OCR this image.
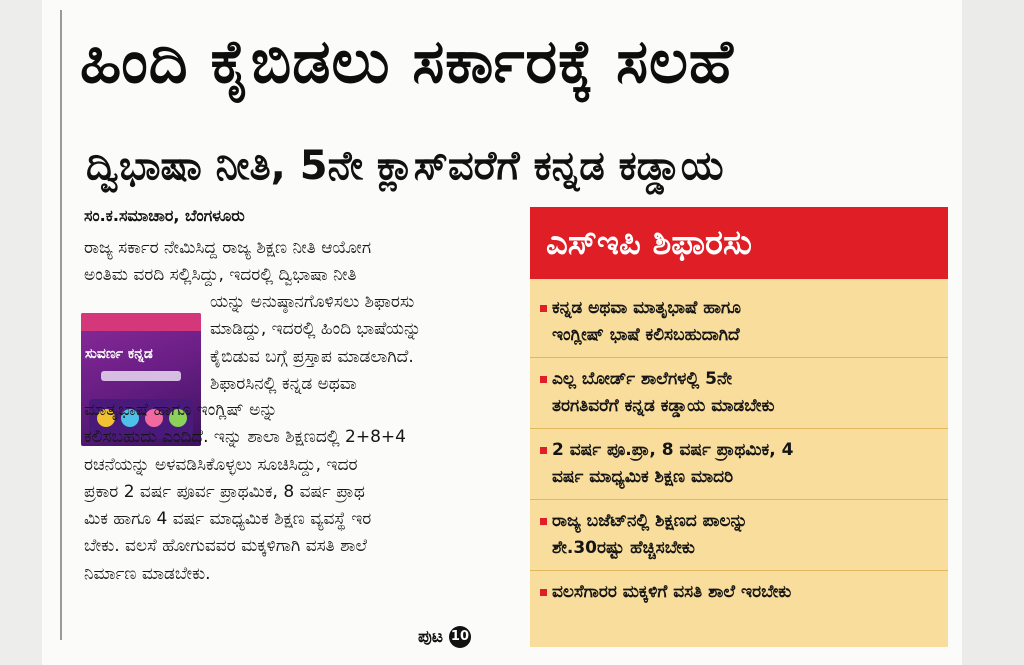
ಹಿಂದಿ ಕೈಬಿಡಲು ಸರ್ಕಾರಕ್ಕೆ ಸಲಹೆ
ದ್ವಿಭಾಷಾ ನೀತಿ, 5ನೇ ಕ್ಲಾಸ್‌ವರೆಗೆ ಕನ್ನಡ ಕಡ್ಡಾಯ
ಸಂ.ಕ.ಸಮಾಚಾರ, ಬೆಂಗಳೂರು
ರಾಜ್ಯ ಸರ್ಕಾರ ನೇಮಿಸಿದ್ದ ರಾಜ್ಯ ಶಿಕ್ಷಣ ನೀತಿ ಆಯೋಗ
ಅಂತಿಮ ವರದಿ ಸಲ್ಲಿಸಿದ್ದು, ಇದರಲ್ಲಿ ದ್ವಿಭಾಷಾ ನೀತಿ
ಸುವರ್ಣ ಕನ್ನಡ
ಯನ್ನು ಅನುಷ್ಠಾನಗೊಳಿಸಲು ಶಿಫಾರಸು
ಮಾಡಿದ್ದು, ಇದರಲ್ಲಿ ಹಿಂದಿ ಭಾಷೆಯನ್ನು
ಕೈಬಿಡುವ ಬಗ್ಗೆ ಪ್ರಸ್ತಾಪ ಮಾಡಲಾಗಿದೆ.
ಶಿಫಾರಸಿನಲ್ಲಿ ಕನ್ನಡ ಅಥವಾ
ಮಾತೃಭಾಷೆ ಹಾಗೂ ಇಂಗ್ಲಿಷ್ ಅನ್ನು
ಕಲಿಸಬಹುದು ಎಂದಿದೆ. ಇನ್ನು ಶಾಲಾ ಶಿಕ್ಷಣದಲ್ಲಿ 2+8+4
ರಚನೆಯನ್ನು ಅಳವಡಿಸಿಕೊಳ್ಳಲು ಸೂಚಿಸಿದ್ದು, ಇದರ
ಪ್ರಕಾರ 2 ವರ್ಷ ಪೂರ್ವ ಪ್ರಾಥಮಿಕ, 8 ವರ್ಷ ಪ್ರಾಥ
ಮಿಕ ಹಾಗೂ 4 ವರ್ಷ ಮಾಧ್ಯಮಿಕ ಶಿಕ್ಷಣ ವ್ಯವಸ್ಥೆ ಇರ
ಬೇಕು. ವಲಸೆ ಹೋಗುವವರ ಮಕ್ಕಳಿಗಾಗಿ ವಸತಿ ಶಾಲೆ
ನಿರ್ಮಾಣ ಮಾಡಬೇಕು.
ಪುಟ 10
ಎಸ್‌ಇಪಿ ಶಿಫಾರಸು
ಕನ್ನಡ ಅಥವಾ ಮಾತೃಭಾಷೆ ಹಾಗೂ
ಇಂಗ್ಲೀಷ್ ಭಾಷೆ ಕಲಿಸಬಹುದಾಗಿದೆ
ಎಲ್ಲ ಬೋರ್ಡ್ ಶಾಲೆಗಳಲ್ಲಿ 5ನೇ
ತರಗತಿವರೆಗೆ ಕನ್ನಡ ಕಡ್ಡಾಯ ಮಾಡಬೇಕು
2 ವರ್ಷ ಪೂ.ಪ್ರಾ, 8 ವರ್ಷ ಪ್ರಾಥಮಿಕ, 4
ವರ್ಷ ಮಾಧ್ಯಮಿಕ ಶಿಕ್ಷಣ ಮಾದರಿ
ರಾಜ್ಯ ಬಜೆಟ್‌ನಲ್ಲಿ ಶಿಕ್ಷಣದ ಪಾಲನ್ನು
ಶೇ.30ರಷ್ಟು ಹೆಚ್ಚಿಸಬೇಕು
ವಲಸೆಗಾರರ ಮಕ್ಕಳಿಗೆ ವಸತಿ ಶಾಲೆ ಇರಬೇಕು
